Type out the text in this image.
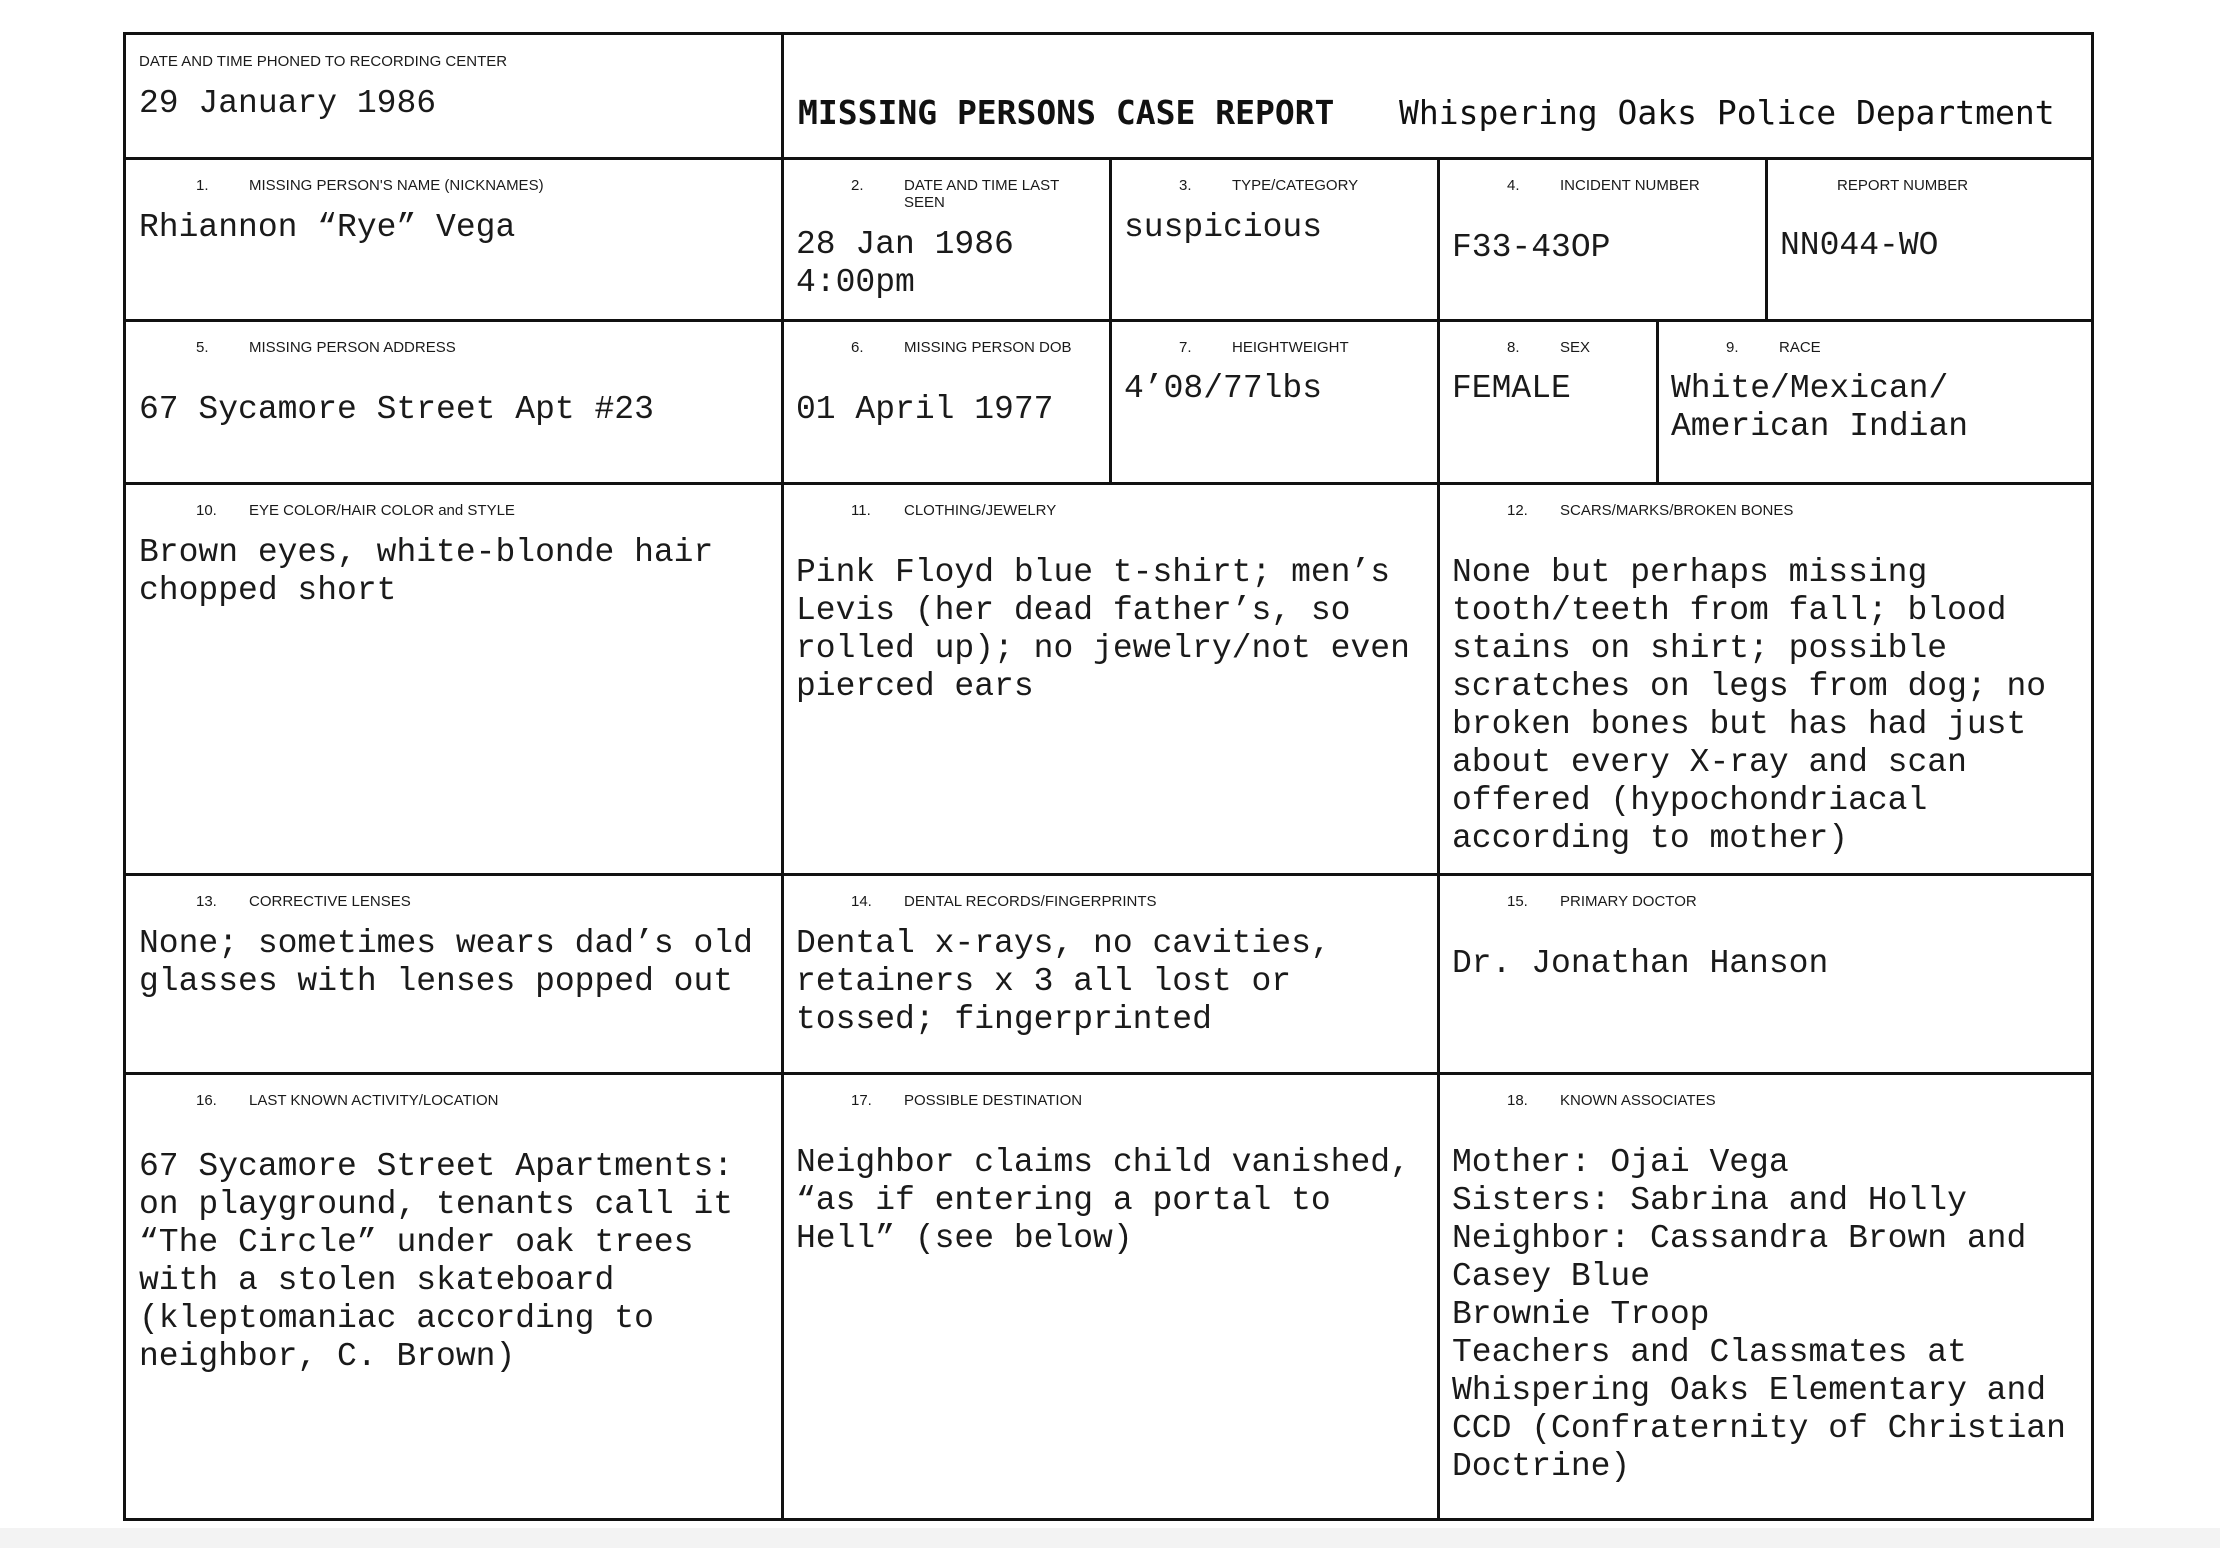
DATE AND TIME PHONED TO RECORDING CENTER
29 January 1986	MISSING PERSONS CASE REPORT Whispering Oaks Police Department
1.	MISSING PERSON'S NAME (NICKNAMES)
Rhiannon “Rye” Vega
2.	DATE AND TIME LAST SEEN
28 Jan 1986
4:00pm
3.	TYPE/CATEGORY
suspicious
4.	INCIDENT NUMBER
F33-43OP
REPORT NUMBER
NN044-WO
5.	MISSING PERSON ADDRESS
67 Sycamore Street Apt #23
6.	MISSING PERSON DOB
01 April 1977
7.	HEIGHTWEIGHT
4’08/77lbs
8.	SEX
FEMALE
9.	RACE
White/Mexican/
American Indian
10. EYE COLOR/HAIR COLOR and STYLE
Brown eyes, white-blonde hair
chopped short
11. CLOTHING/JEWELRY
Pink Floyd blue t-shirt; men’s
Levis (her dead father’s, so
rolled up); no jewelry/not even
pierced ears
12. SCARS/MARKS/BROKEN BONES
None but perhaps missing
tooth/teeth from fall; blood
stains on shirt; possible
scratches on legs from dog; no
broken bones but has had just
about every X-ray and scan
offered (hypochondriacal
according to mother)
13. CORRECTIVE LENSES
None; sometimes wears dad’s old
glasses with lenses popped out
14. DENTAL RECORDS/FINGERPRINTS
Dental x-rays, no cavities,
retainers x 3 all lost or
tossed; fingerprinted
15. PRIMARY DOCTOR
Dr. Jonathan Hanson
16. LAST KNOWN ACTIVITY/LOCATION
67 Sycamore Street Apartments:
on playground, tenants call it
“The Circle” under oak trees
with a stolen skateboard
(kleptomaniac according to
neighbor, C. Brown)
17. POSSIBLE DESTINATION
Neighbor claims child vanished,
“as if entering a portal to
Hell” (see below)
18. KNOWN ASSOCIATES
Mother: Ojai Vega
Sisters: Sabrina and Holly
Neighbor: Cassandra Brown and
Casey Blue
Brownie Troop
Teachers and Classmates at
Whispering Oaks Elementary and
CCD (Confraternity of Christian
Doctrine)
